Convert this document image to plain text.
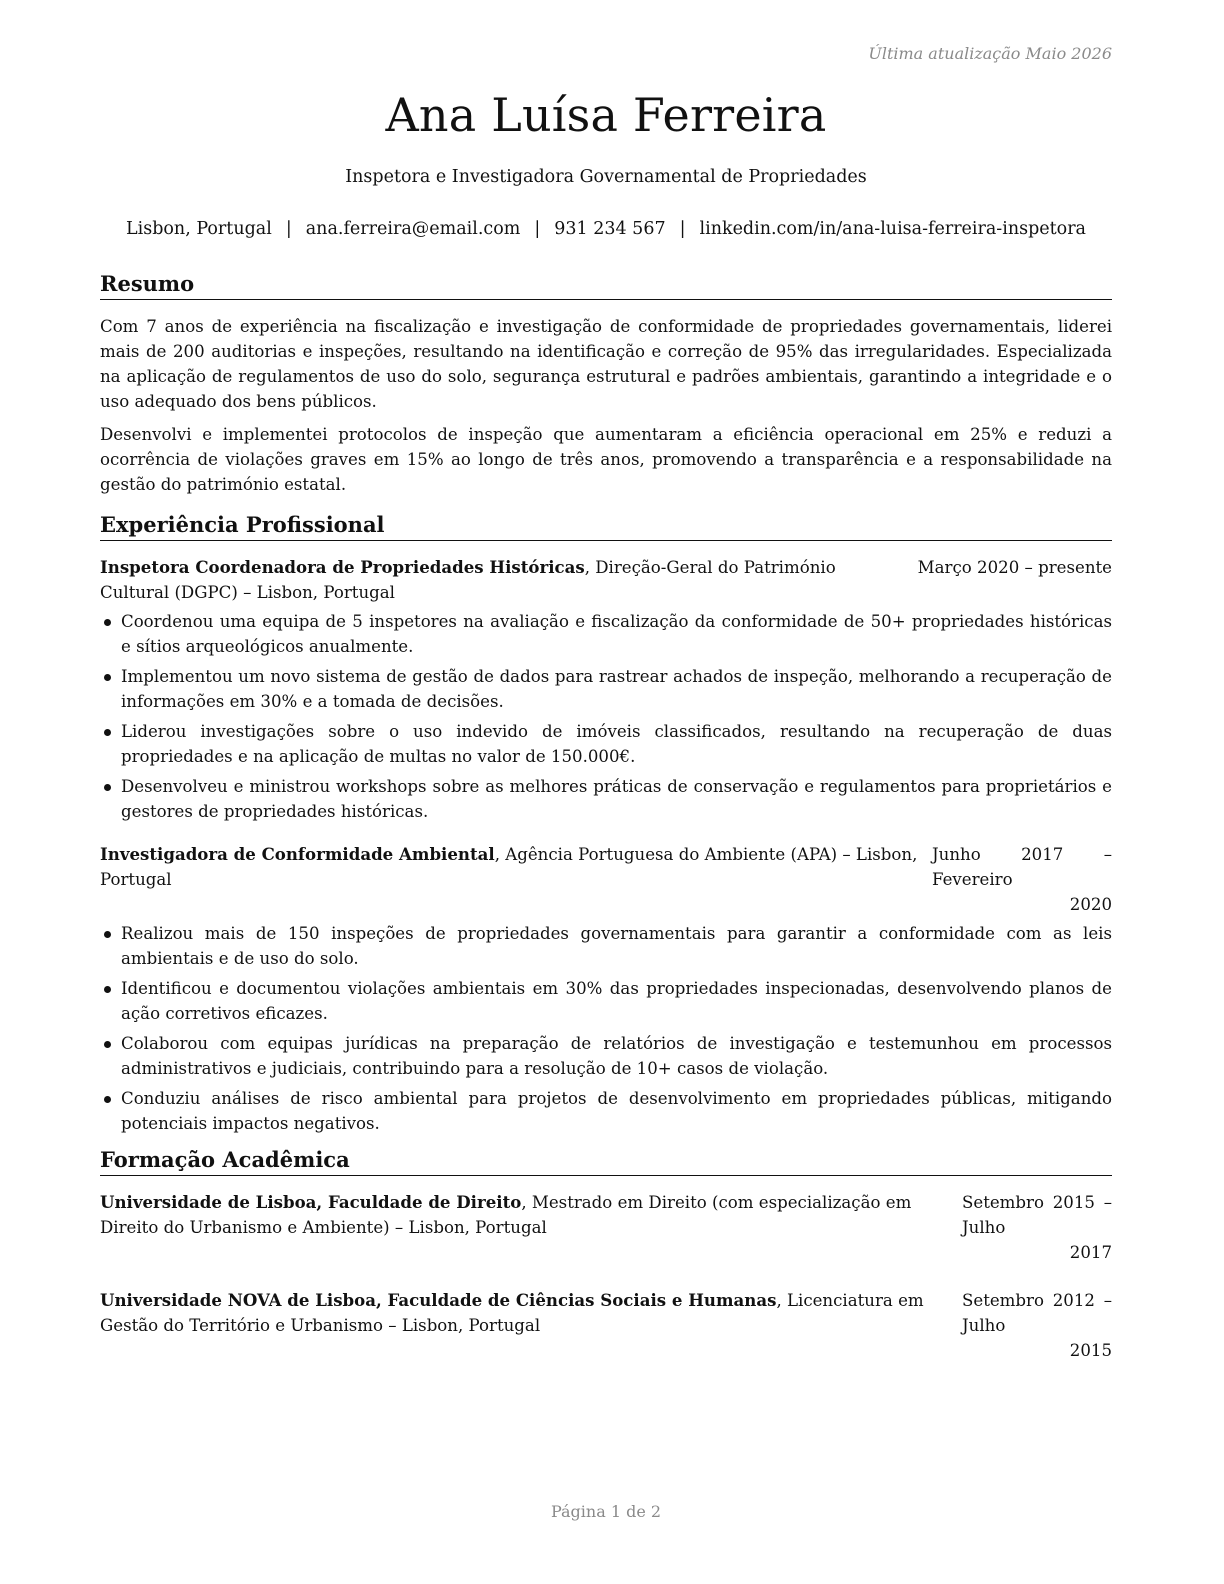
Última atualização Maio 2026
Ana Luísa Ferreira
Inspetora e Investigadora Governamental de Propriedades
Lisbon, Portugal | ana.ferreira@email.com | 931 234 567 | linkedin.com/in/ana-luisa-ferreira-inspetora
Resumo

Com 7 anos de experiência na fiscalização e investigação de conformidade de propriedades governamentais, liderei mais de 200 auditorias e inspeções, resultando na identificação e correção de 95% das irregularidades. Especializada na aplicação de regulamentos de uso do solo, segurança estrutural e padrões ambientais, garantindo a integridade e o uso adequado dos bens públicos.

Desenvolvi e implementei protocolos de inspeção que aumentaram a eficiência operacional em 25% e reduzi a ocorrência de violações graves em 15% ao longo de três anos, promovendo a transparência e a responsabilidade na gestão do património estatal.

Experiência Profissional
Inspetora Coordenadora de Propriedades Históricas, Direção-Geral do Património Cultural (DGPC) – Lisbon, Portugal
Março 2020 – presente
Coordenou uma equipa de 5 inspetores na avaliação e fiscalização da conformidade de 50+ propriedades históricas e sítios arqueológicos anualmente.
Implementou um novo sistema de gestão de dados para rastrear achados de inspeção, melhorando a recuperação de informações em 30% e a tomada de decisões.
Liderou investigações sobre o uso indevido de imóveis classificados, resultando na recuperação de duas propriedades e na aplicação de multas no valor de 150.000€.
Desenvolveu e ministrou workshops sobre as melhores práticas de conservação e regulamentos para proprietários e gestores de propriedades históricas.
Investigadora de Conformidade Ambiental, Agência Portuguesa do Ambiente (APA) – Lisbon, Portugal
Junho 2017 – Fevereiro
2020
Realizou mais de 150 inspeções de propriedades governamentais para garantir a conformidade com as leis ambientais e de uso do solo.
Identificou e documentou violações ambientais em 30% das propriedades inspecionadas, desenvolvendo planos de ação corretivos eficazes.
Colaborou com equipas jurídicas na preparação de relatórios de investigação e testemunhou em processos administrativos e judiciais, contribuindo para a resolução de 10+ casos de violação.
Conduziu análises de risco ambiental para projetos de desenvolvimento em propriedades públicas, mitigando potenciais impactos negativos.
Formação Acadêmica
Universidade de Lisboa, Faculdade de Direito, Mestrado em Direito (com especialização em Direito do Urbanismo e Ambiente) – Lisbon, Portugal
Setembro 2015 – Julho
2017
Universidade NOVA de Lisboa, Faculdade de Ciências Sociais e Humanas, Licenciatura em Gestão do Território e Urbanismo – Lisbon, Portugal
Setembro 2012 – Julho
2015
Página 1 de 2
